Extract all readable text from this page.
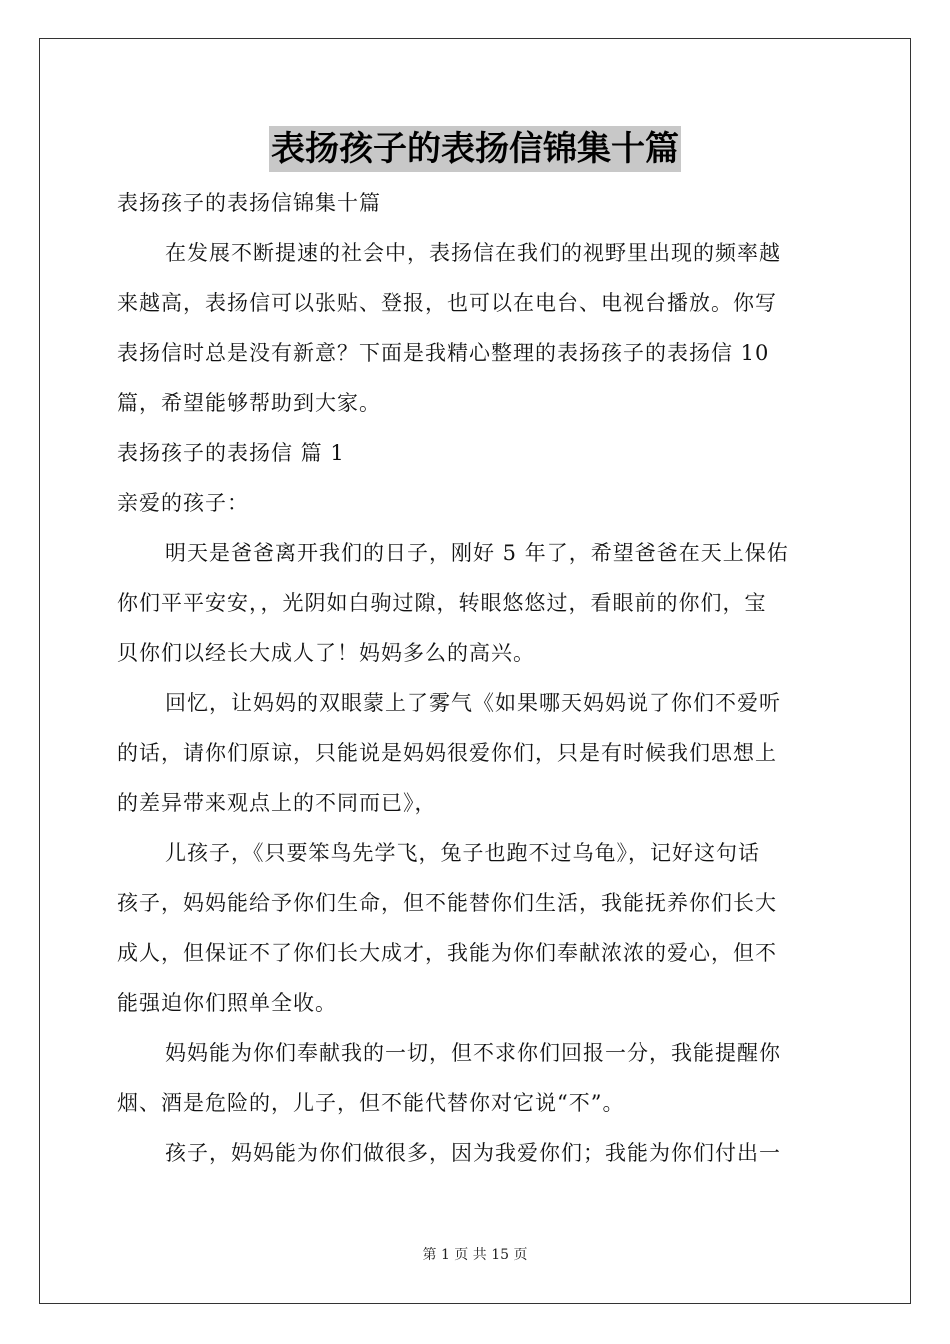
表扬孩子的表扬信锦集十篇

表扬孩子的表扬信锦集十篇

在发展不断提速的社会中，表扬信在我们的视野里出现的频率越

来越高，表扬信可以张贴、登报，也可以在电台、电视台播放。你写

表扬信时总是没有新意？下面是我精心整理的表扬孩子的表扬信 10

篇，希望能够帮助到大家。

表扬孩子的表扬信 篇 1

亲爱的孩子：

明天是爸爸离开我们的日子，刚好 5 年了，希望爸爸在天上保佑

你们平平安安，，光阴如白驹过隙，转眼悠悠过，看眼前的你们，宝

贝你们以经长大成人了！妈妈多么的高兴。

回忆，让妈妈的双眼蒙上了雾气《如果哪天妈妈说了你们不爱听

的话，请你们原谅，只能说是妈妈很爱你们，只是有时候我们思想上

的差异带来观点上的不同而已》，

儿孩子，《只要笨鸟先学飞，兔子也跑不过乌龟》，记好这句话

孩子，妈妈能给予你们生命，但不能替你们生活，我能抚养你们长大

成人，但保证不了你们长大成才，我能为你们奉献浓浓的爱心，但不

能强迫你们照单全收。

妈妈能为你们奉献我的一切，但不求你们回报一分，我能提醒你

烟、酒是危险的，儿子，但不能代替你对它说“不”。

孩子，妈妈能为你们做很多，因为我爱你们；我能为你们付出一

第 1 页 共 15 页
